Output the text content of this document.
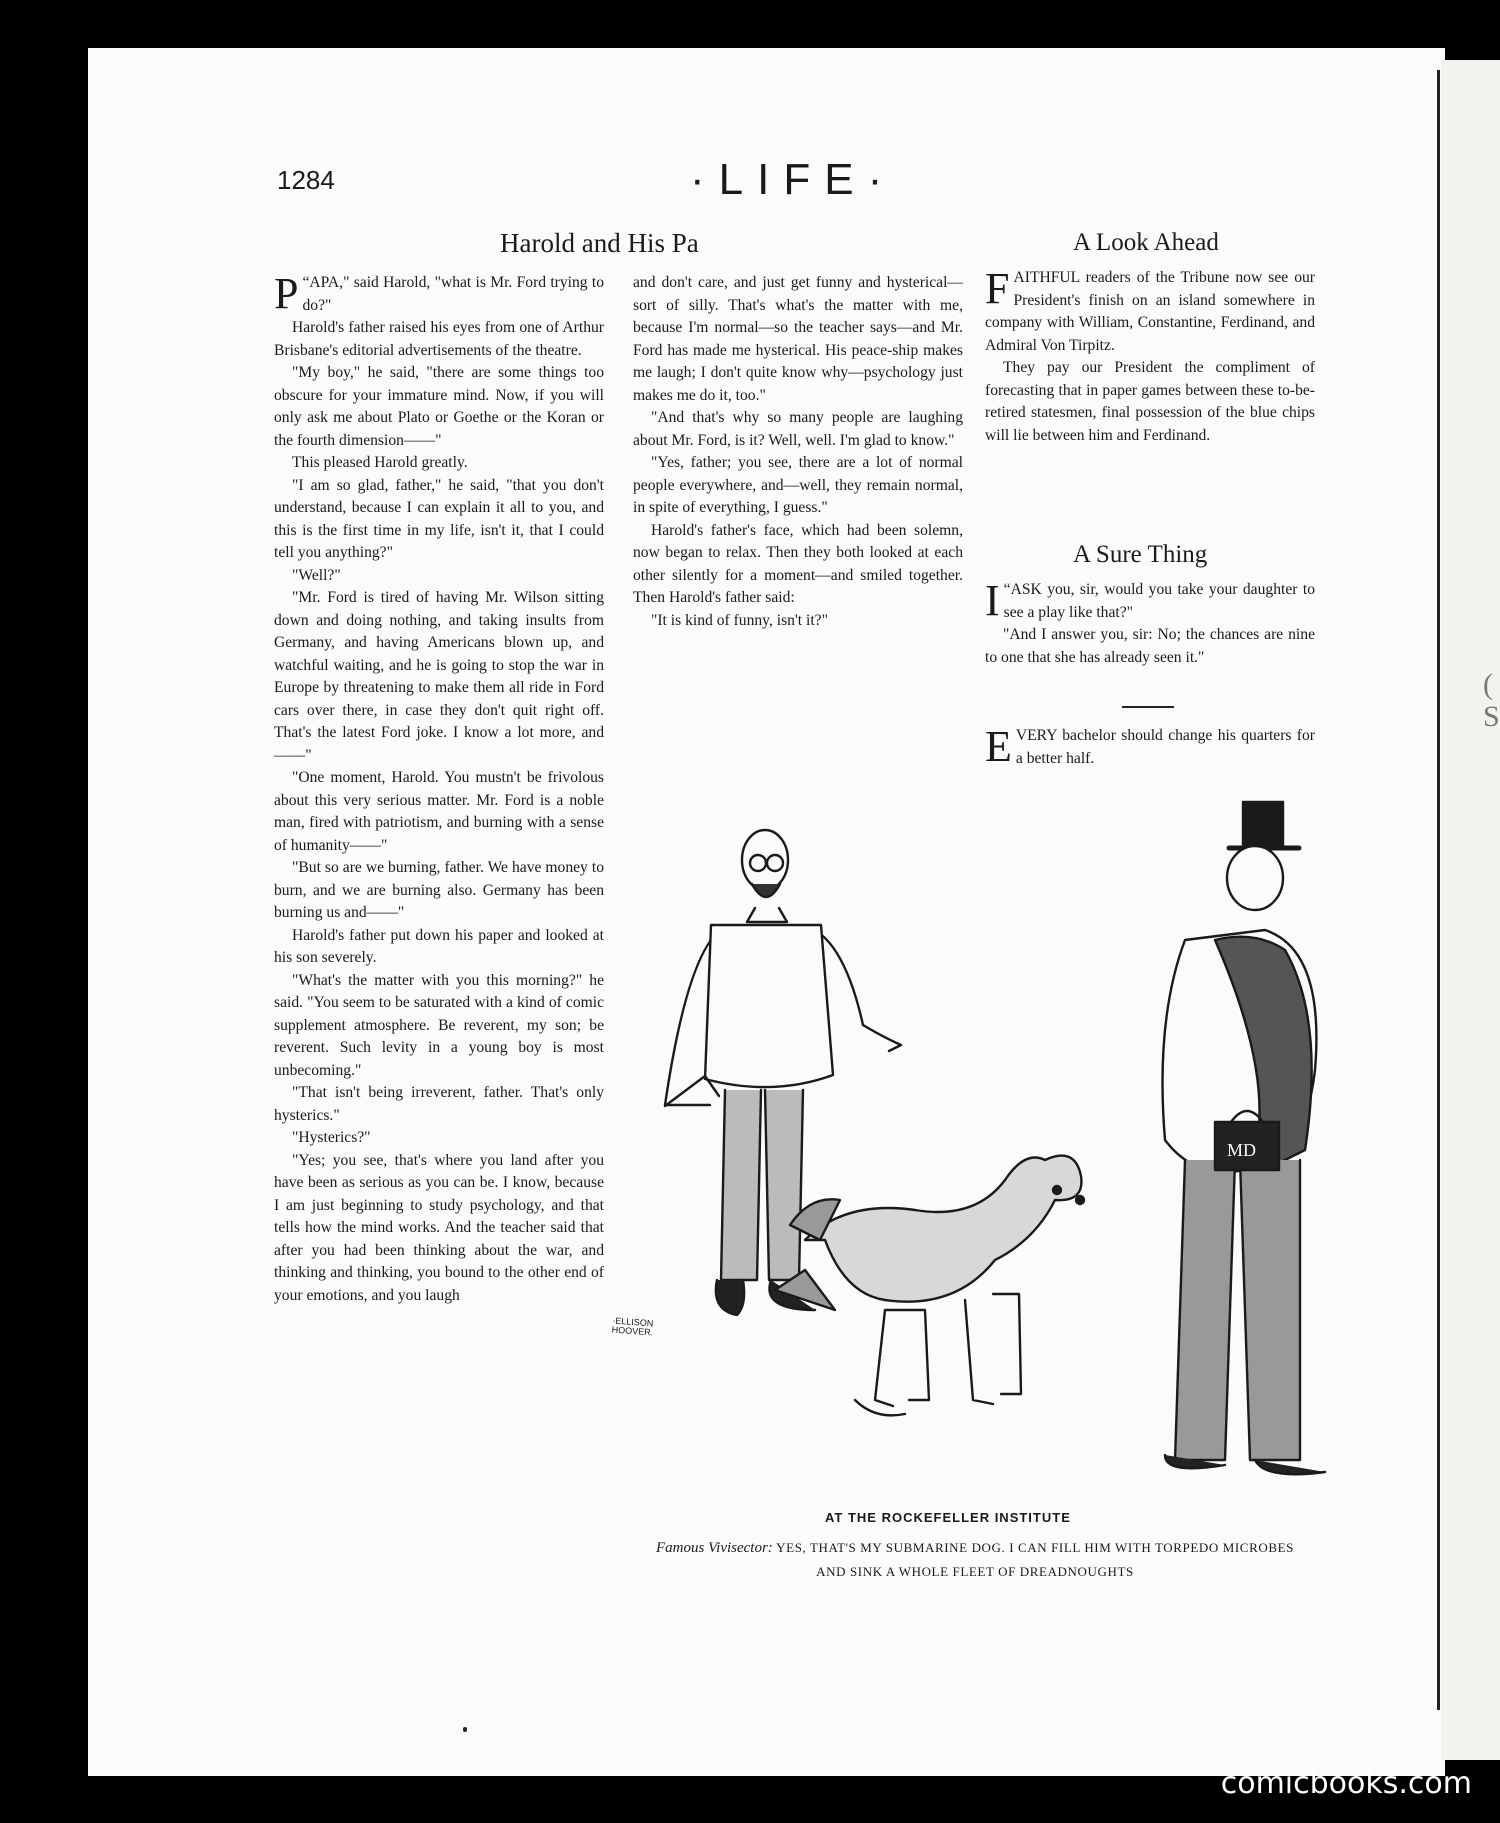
(
S
1284	·LIFE·
Harold and His Pa	A Look Ahead
A Sure Thing

“
P APA," said Harold, "what is Mr. Ford trying to do?"

Harold's father raised his eyes from one of Arthur Brisbane's editorial advertisements of the theatre.

"My boy," he said, "there are some things too obscure for your immature mind. Now, if you will only ask me about Plato or Goethe or the Koran or the fourth dimension——"

This pleased Harold greatly.

"I am so glad, father," he said, "that you don't understand, because I can explain it all to you, and this is the first time in my life, isn't it, that I could tell you anything?"

"Well?"

"Mr. Ford is tired of having Mr. Wilson sitting down and doing nothing, and taking insults from Germany, and having Americans blown up, and watchful waiting, and he is going to stop the war in Europe by threatening to make them all ride in Ford cars over there, in case they don't quit right off. That's the latest Ford joke. I know a lot more, and——"

"One moment, Harold. You mustn't be frivolous about this very serious matter. Mr. Ford is a noble man, fired with patriotism, and burning with a sense of humanity——"

"But so are we burning, father. We have money to burn, and we are burning also. Germany has been burning us and——"

Harold's father put down his paper and looked at his son severely.

"What's the matter with you this morning?" he said. "You seem to be saturated with a kind of comic supplement atmosphere. Be reverent, my son; be reverent. Such levity in a young boy is most unbecoming."

"That isn't being irreverent, father. That's only hysterics."

"Hysterics?"

"Yes; you see, that's where you land after you have been as serious as you can be. I know, because I am just beginning to study psychology, and that tells how the mind works. And the teacher said that after you had been thinking about the war, and thinking and thinking, you bound to the other end of your emotions, and you laugh

and don't care, and just get funny and hysterical—sort of silly. That's what's the matter with me, because I'm normal—so the teacher says—and Mr. Ford has made me hysterical. His peace-ship makes me laugh; I don't quite know why—psychology just makes me do it, too."

"And that's why so many people are laughing about Mr. Ford, is it? Well, well. I'm glad to know."

"Yes, father; you see, there are a lot of normal people everywhere, and—well, they remain normal, in spite of everything, I guess."

Harold's father's face, which had been solemn, now began to relax. Then they both looked at each other silently for a moment—and smiled together. Then Harold's father said:

"It is kind of funny, isn't it?"

FAITHFUL readers of the Tribune now see our President's finish on an island somewhere in company with William, Constantine, Ferdinand, and Admiral Von Tirpitz.

They pay our President the compliment of forecasting that in paper games between these to-be-retired statesmen, final possession of the blue chips will lie between him and Ferdinand.

“
I ASK you, sir, would you take your daughter to see a play like that?"

"And I answer you, sir: No; the chances are nine to one that she has already seen it."

EVERY bachelor should change his quarters for a better half.

MD
·ELLISON
HOOVER.
AT THE ROCKEFELLER INSTITUTE
Famous Vivisector: YES, THAT'S MY SUBMARINE DOG. I CAN FILL HIM WITH TORPEDO MICROBES AND SINK A WHOLE FLEET OF DREADNOUGHTS
comicbooks.com
